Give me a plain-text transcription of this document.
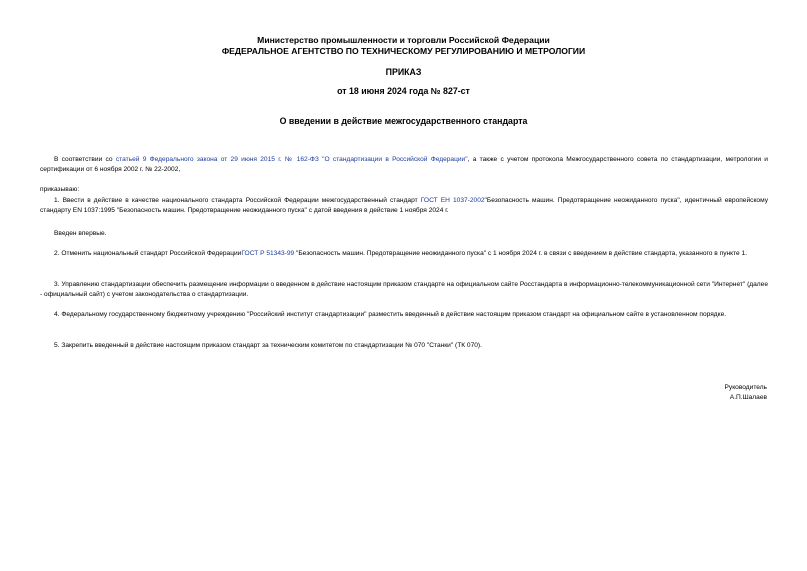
Министерство промышленности и торговли Российской Федерации
ФЕДЕРАЛЬНОЕ АГЕНТСТВО ПО ТЕХНИЧЕСКОМУ РЕГУЛИРОВАНИЮ И МЕТРОЛОГИИ
ПРИКАЗ
от 18 июня 2024 года № 827-ст
О введении в действие межгосударственного стандарта
В соответствии со статьей 9 Федерального закона от 29 июня 2015 г. № 162-ФЗ "О стандартизации в Российской Федерации", а также с учетом протокола Межгосударственного совета по стандартизации, метрологии и сертификации от 6 ноября 2002 г. № 22-2002,
приказываю:
1. Ввести в действие в качестве национального стандарта Российской Федерации межгосударственный стандарт ГОСТ ЕН 1037-2002"Безопасность машин. Предотвращение неожиданного пуска", идентичный европейскому стандарту EN 1037:1995 "Безопасность машин. Предотвращение неожиданного пуска" с датой введения в действие 1 ноября 2024 г.
Введен впервые.
2. Отменить национальный стандарт Российской ФедерацииГОСТ Р 51343-99 "Безопасность машин. Предотвращение неожиданного пуска" с 1 ноября 2024 г. в связи с введением в действие стандарта, указанного в пункте 1.
3. Управлению стандартизации обеспечить размещение информации о введенном в действие настоящим приказом стандарте на официальном сайте Росстандарта в информационно-телекоммуникационной сети "Интернет" (далее - официальный сайт) с учетом законодательства о стандартизации.
4. Федеральному государственному бюджетному учреждению "Российский институт стандартизации" разместить введенный в действие настоящим приказом стандарт на официальном сайте в установленном порядке.
5. Закрепить введенный в действие настоящим приказом стандарт за техническим комитетом по стандартизации № 070 "Станки" (ТК 070).
Руководитель
А.П.Шалаев
